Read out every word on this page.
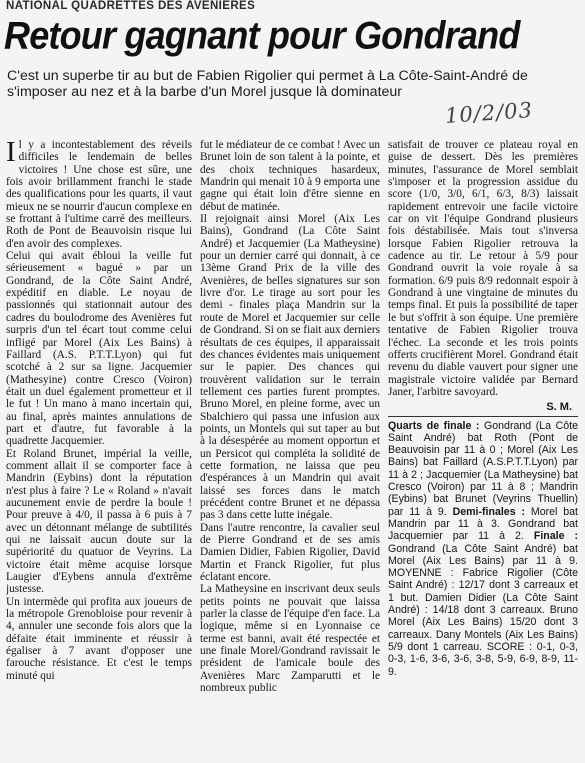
NATIONAL QUADRETTES DES AVENIÈRES
Retour gagnant pour Gondrand
C'est un superbe tir au but de Fabien Rigolier qui permet à La Côte-Saint-André de s'imposer au nez et à la barbe d'un Morel jusque là dominateur
10/2/03

Il y a incontestablement des réveils difficiles le lendemain de belles victoires ! Une chose est sûre, une fois avoir brillamment franchi le stade des qualifications pour les quarts, il vaut mieux ne se nourrir d'aucun complexe en se frottant à l'ultime carré des meilleurs. Roth de Pont de Beauvoisin risque lui d'en avoir des complexes.

Celui qui avait ébloui la veille fut sérieusement « bagué » par un Gondrand, de la Côte Saint André, expéditif en diable. Le noyau de passionnés qui stationnait autour des cadres du boulodrome des Avenières fut surpris d'un tel écart tout comme celui infligé par Morel (Aix Les Bains) à Faillard (A.S. P.T.T.Lyon) qui fut scotché à 2 sur sa ligne. Jacquemier (Mathesyine) contre Cresco (Voiron) était un duel également prometteur et il le fut ! Un mano à mano incertain qui, au final, après maintes annulations de part et d'autre, fut favorable à la quadrette Jacquemier.

Et Roland Brunet, impérial la veille, comment allait il se comporter face à Mandrin (Eybins) dont la réputation n'est plus à faire ? Le « Roland » n'avait aucunement envie de perdre la boule ! Pour preuve à 4/0, il passa à 6 puis à 7 avec un détonnant mélange de subtilités qui ne laissait aucun doute sur la supériorité du quatuor de Veyrins. La victoire était même acquise lorsque Laugier d'Eybens annula d'extrême justesse.

Un intermède qui profita aux joueurs de la métropole Grenobloise pour revenir à 4, annuler une seconde fois alors que la défaite était imminente et réussir à égaliser à 7 avant d'opposer une farouche résistance. Et c'est le temps minuté qui

fut le médiateur de ce combat ! Avec un Brunet loin de son talent à la pointe, et des choix techniques hasardeux, Mandrin qui menait 10 à 9 emporta une gagne qui était loin d'être sienne en début de matinée.

Il rejoignait ainsi Morel (Aix Les Bains), Gondrand (La Côte Saint André) et Jacquemier (La Matheysine) pour un dernier carré qui donnait, à ce 13ème Grand Prix de la ville des Avenières, de belles signatures sur son livre d'or. Le tirage au sort pour les demi - finales plaça Mandrin sur la route de Morel et Jacquemier sur celle de Gondrand. Si on se fiait aux derniers résultats de ces équipes, il apparaissait des chances évidentes mais uniquement sur le papier. Des chances qui trouvèrent validation sur le terrain tellement ces parties furent promptes. Bruno Morel, en pleine forme, avec un Sbalchiero qui passa une infusion aux points, un Montels qui sut taper au but à la désespérée au moment opportun et un Persicot qui compléta la solidité de cette formation, ne laissa que peu d'espérances à un Mandrin qui avait laissé ses forces dans le match précédent contre Brunet et ne dépassa pas 3 dans cette lutte inégale.

Dans l'autre rencontre, la cavalier seul de Pierre Gondrand et de ses amis Damien Didier, Fabien Rigolier, David Martin et Franck Rigolier, fut plus éclatant encore.

La Matheysine en inscrivant deux seuls petits points ne pouvait que laissa parler la classe de l'équipe d'en face. La logique, même si en Lyonnaise ce terme est banni, avait été respectée et une finale Morel/Gondrand ravissait le président de l'amicale boule des Avenières Marc Zamparutti et le nombreux public

satisfait de trouver ce plateau royal en guise de dessert. Dès les premières minutes, l'assurance de Morel semblait s'imposer et la progression assidue du score (1/0, 3/0, 6/1, 6/3, 8/3) laissait rapidement entrevoir une facile victoire car on vit l'équipe Gondrand plusieurs fois déstabilisée. Mais tout s'inversa lorsque Fabien Rigolier retrouva la cadence au tir. Le retour à 5/9 pour Gondrand ouvrit la voie royale à sa formation. 6/9 puis 8/9 redonnait espoir à Gondrand à une vingtaine de minutes du temps final. Et puis la possibilité de taper le but s'offrit à son équipe. Une première tentative de Fabien Rigolier trouva l'échec. La seconde et les trois points offerts crucifièrent Morel. Gondrand était revenu du diable vauvert pour signer une magistrale victoire validée par Bernard Janer, l'arbitre savoyard.

S. M.

Quarts de finale : Gondrand (La Côte Saint André) bat Roth (Pont de Beauvoisin par 11 à 0 ; Morel (Aix Les Bains) bat Faillard (A.S.P.T.T.Lyon) par 11 à 2 ; Jacquemier (La Matheysine) bat Cresco (Voiron) par 11 à 8 ; Mandrin (Eybins) bat Brunet (Veyrins Thuellin) par 11 à 9. Demi-finales : Morel bat Mandrin par 11 à 3. Gondrand bat Jacquemier par 11 à 2. Finale : Gondrand (La Côte Saint André) bat Morel (Aix Les Bains) par 11 à 9. MOYENNE : Fabrice Rigolier (Côte Saint André) : 12/17 dont 3 carreaux et 1 but. Damien Didier (La Côte Saint André) : 14/18 dont 3 carreaux. Bruno Morel (Aix Les Bains) 15/20 dont 3 carreaux. Dany Montels (Aix Les Bains) 5/9 dont 1 carreau. SCORE : 0-1, 0-3, 0-3, 1-6, 3-6, 3-6, 3-8, 5-9, 6-9, 8-9, 11-9.
